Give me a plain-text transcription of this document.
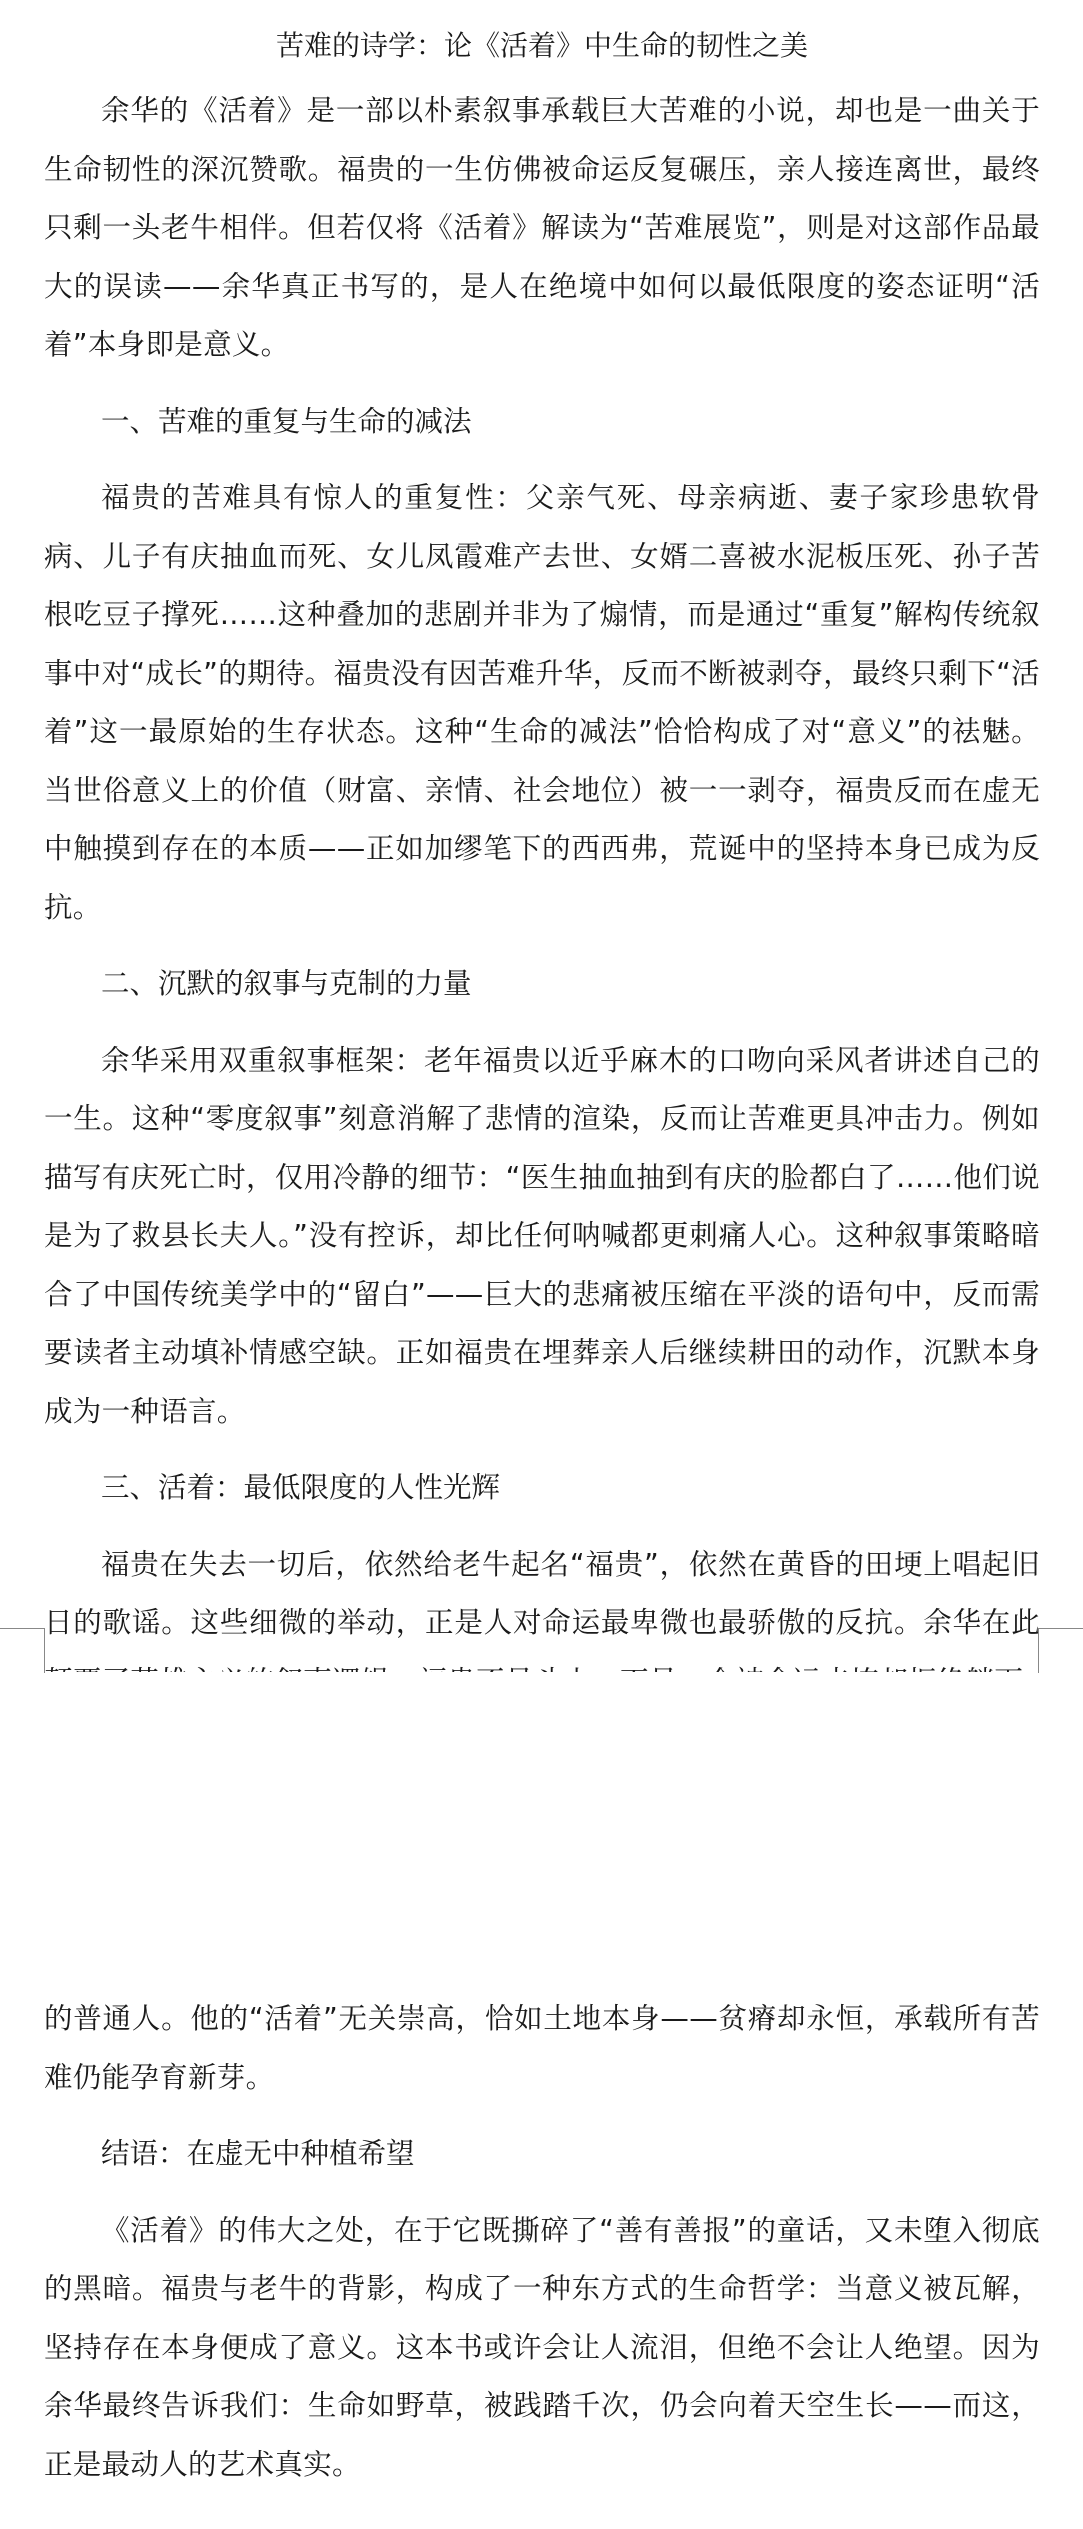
苦难的诗学：论《活着》中生命的韧性之美

余华的《活着》是一部以朴素叙事承载巨大苦难的小说，却也是一曲关于生命韧性的深沉赞歌。福贵的一生仿佛被命运反复碾压，亲人接连离世，最终只剩一头老牛相伴。但若仅将《活着》解读为“苦难展览”，则是对这部作品最大的误读——余华真正书写的，是人在绝境中如何以最低限度的姿态证明“活着”本身即是意义。

一、苦难的重复与生命的减法

福贵的苦难具有惊人的重复性：父亲气死、母亲病逝、妻子家珍患软骨病、儿子有庆抽血而死、女儿凤霞难产去世、女婿二喜被水泥板压死、孙子苦根吃豆子撑死……这种叠加的悲剧并非为了煽情，而是通过“重复”解构传统叙事中对“成长”的期待。福贵没有因苦难升华，反而不断被剥夺，最终只剩下“活着”这一最原始的生存状态。这种“生命的减法”恰恰构成了对“意义”的祛魅。当世俗意义上的价值（财富、亲情、社会地位）被一一剥夺，福贵反而在虚无中触摸到存在的本质——正如加缪笔下的西西弗，荒诞中的坚持本身已成为反抗。

二、沉默的叙事与克制的力量

余华采用双重叙事框架：老年福贵以近乎麻木的口吻向采风者讲述自己的一生。这种“零度叙事”刻意消解了悲情的渲染，反而让苦难更具冲击力。例如描写有庆死亡时，仅用冷静的细节：“医生抽血抽到有庆的脸都白了……他们说是为了救县长夫人。”没有控诉，却比任何呐喊都更刺痛人心。这种叙事策略暗合了中国传统美学中的“留白”——巨大的悲痛被压缩在平淡的语句中，反而需要读者主动填补情感空缺。正如福贵在埋葬亲人后继续耕田的动作，沉默本身成为一种语言。

三、活着：最低限度的人性光辉

福贵在失去一切后，依然给老牛起名“福贵”，依然在黄昏的田埂上唱起旧日的歌谣。这些细微的举动，正是人对命运最卑微也最骄傲的反抗。余华在此

的普通人。他的“活着”无关崇高，恰如土地本身——贫瘠却永恒，承载所有苦难仍能孕育新芽。

结语：在虚无中种植希望

《活着》的伟大之处，在于它既撕碎了“善有善报”的童话，又未堕入彻底的黑暗。福贵与老牛的背影，构成了一种东方式的生命哲学：当意义被瓦解，坚持存在本身便成了意义。这本书或许会让人流泪，但绝不会让人绝望。因为余华最终告诉我们：生命如野草，被践踏千次，仍会向着天空生长——而这，正是最动人的艺术真实。
